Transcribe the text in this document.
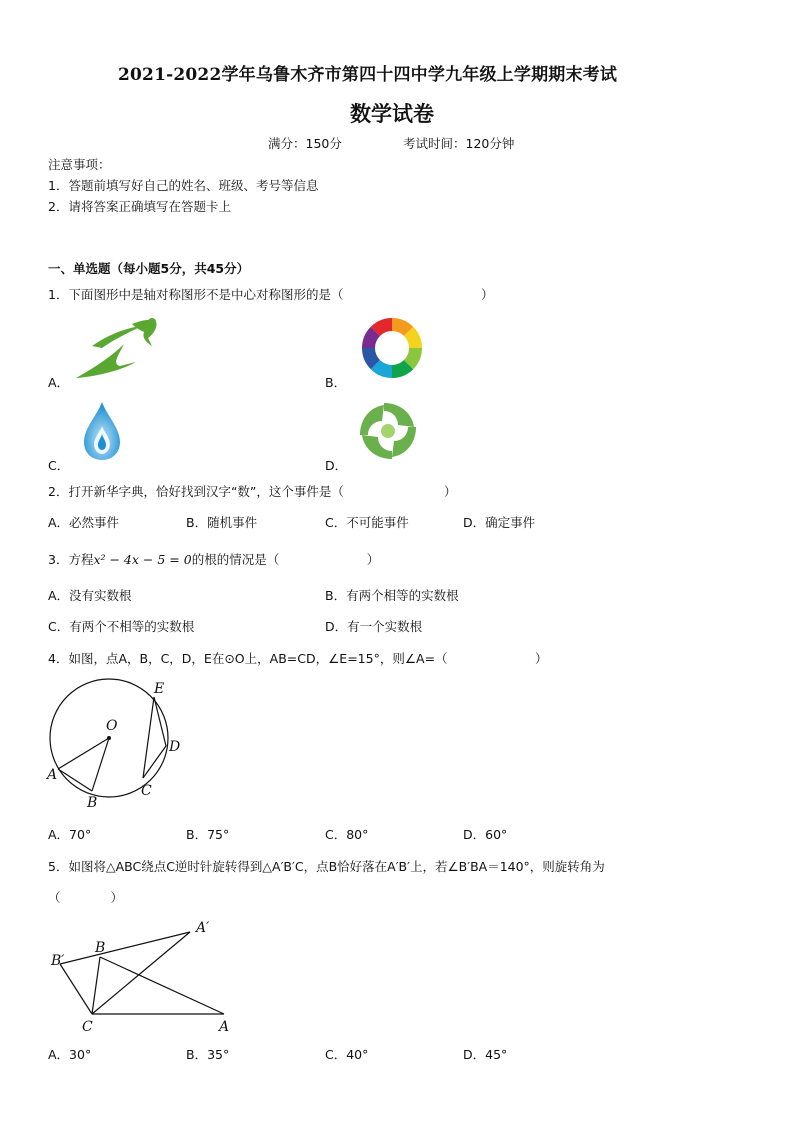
2021-2022学年乌鲁木齐市第四十四中学九年级上学期期末考试
数学试卷
满分：150分	考试时间：120分钟
注意事项：
1．答题前填写好自己的姓名、班级、考号等信息
2．请将答案正确填写在答题卡上
一、单选题（每小题5分，共45分）
1．下面图形中是轴对称图形不是中心对称图形的是（　　　　　　　　　　　）
A．	B．
C．	D．
2．打开新华字典，恰好找到汉字“数”，这个事件是（　　　　　　　　）
A．必然事件	B．随机事件	C．不可能事件	D．确定事件
3．方程x² − 4x − 5 = 0的根的情况是（　　　　　　　）
A．没有实数根	B．有两个相等的实数根
C．有两个不相等的实数根	D．有一个实数根
4．如图，点A，B，C，D，E在⊙O上，AB=CD，∠E=15°，则∠A=（　　　　　　　）
O
E
D
C
B
A
A．70°	B．75°	C．80°	D．60°
5．如图将△ABC绕点C逆时针旋转得到△A′B′C，点B恰好落在A′B′上，若∠B′BA＝140°，则旋转角为
（　　　　）
A′
B
B′
C	A
A．30°	B．35°	C．40°	D．45°
